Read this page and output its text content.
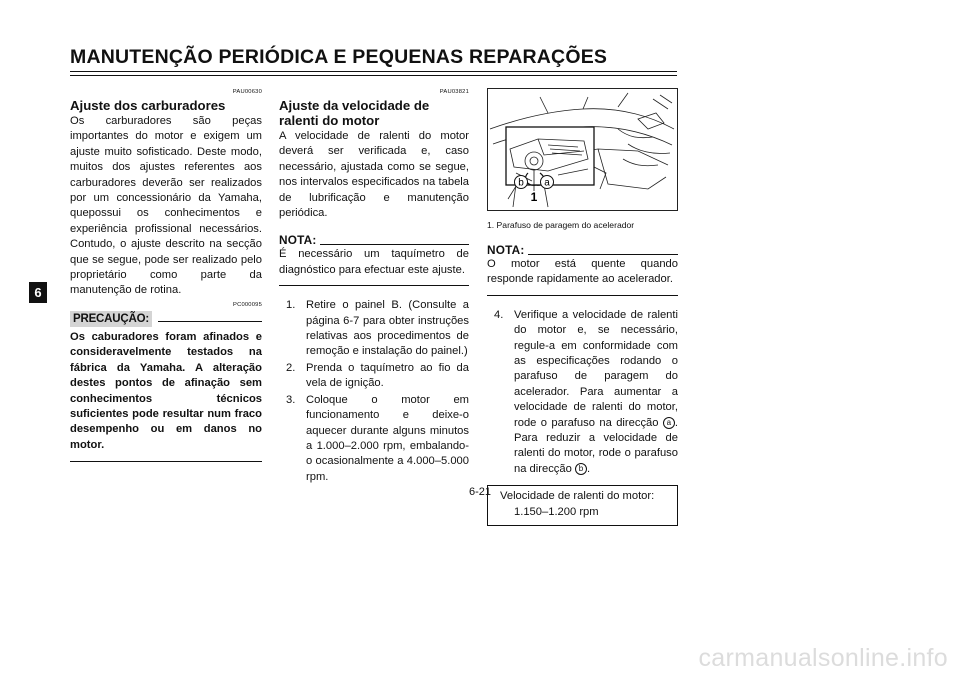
MANUTENÇÃO PERIÓDICA E PEQUENAS REPARAÇÕES
6
PAU00630
Ajuste dos carburadores

Os carburadores são peças importantes do motor e exigem um ajuste muito sofisticado. Deste modo, muitos dos ajustes referentes aos carburadores deverão ser realizados por um concessionário da Yamaha, quepossui os conhecimentos e experiência profissional necessários. Contudo, o ajuste descrito na secção que se segue, pode ser realizado pelo proprietário como parte da manutenção de rotina.

PC000095
PRECAUÇÃO:

Os caburadores foram afinados e consideravelmente testados na fábrica da Yamaha. A alteração destes pontos de afinação sem conhecimentos técnicos suficientes pode resultar num fraco desempenho ou em danos no motor.

PAU03821
Ajuste da velocidade de ralenti do motor

A velocidade de ralenti do motor deverá ser verificada e, caso necessário, ajustada como se segue, nos intervalos especificados na tabela de lubrificação e manutenção periódica.

NOTA:

É necessário um taquímetro de diagnóstico para efectuar este ajuste.

1. Retire o painel B. (Consulte a página 6-7 para obter instruções relativas aos procedimentos de remoção e instalação do painel.)
2. Prenda o taquímetro ao fio da vela de ignição.
3. Coloque o motor em funcionamento e deixe-o aquecer durante alguns minutos a 1.000–2.000 rpm, embalando-o ocasionalmente a 4.000–5.000 rpm.
b a
1
1. Parafuso de paragem do acelerador
NOTA:

O motor está quente quando responde rapidamente ao acelerador.

4. Verifique a velocidade de ralenti do motor e, se necessário, regule-a em conformidade com as especificações rodando o parafuso de paragem do acelerador. Para aumentar a velocidade de ralenti do motor, rode o parafuso na direcção a . Para reduzir a velocidade de ralenti do motor, rode o parafuso na direcção b .
Velocidade de ralenti do motor:
1.150–1.200 rpm
6-21
carmanualsonline.info
